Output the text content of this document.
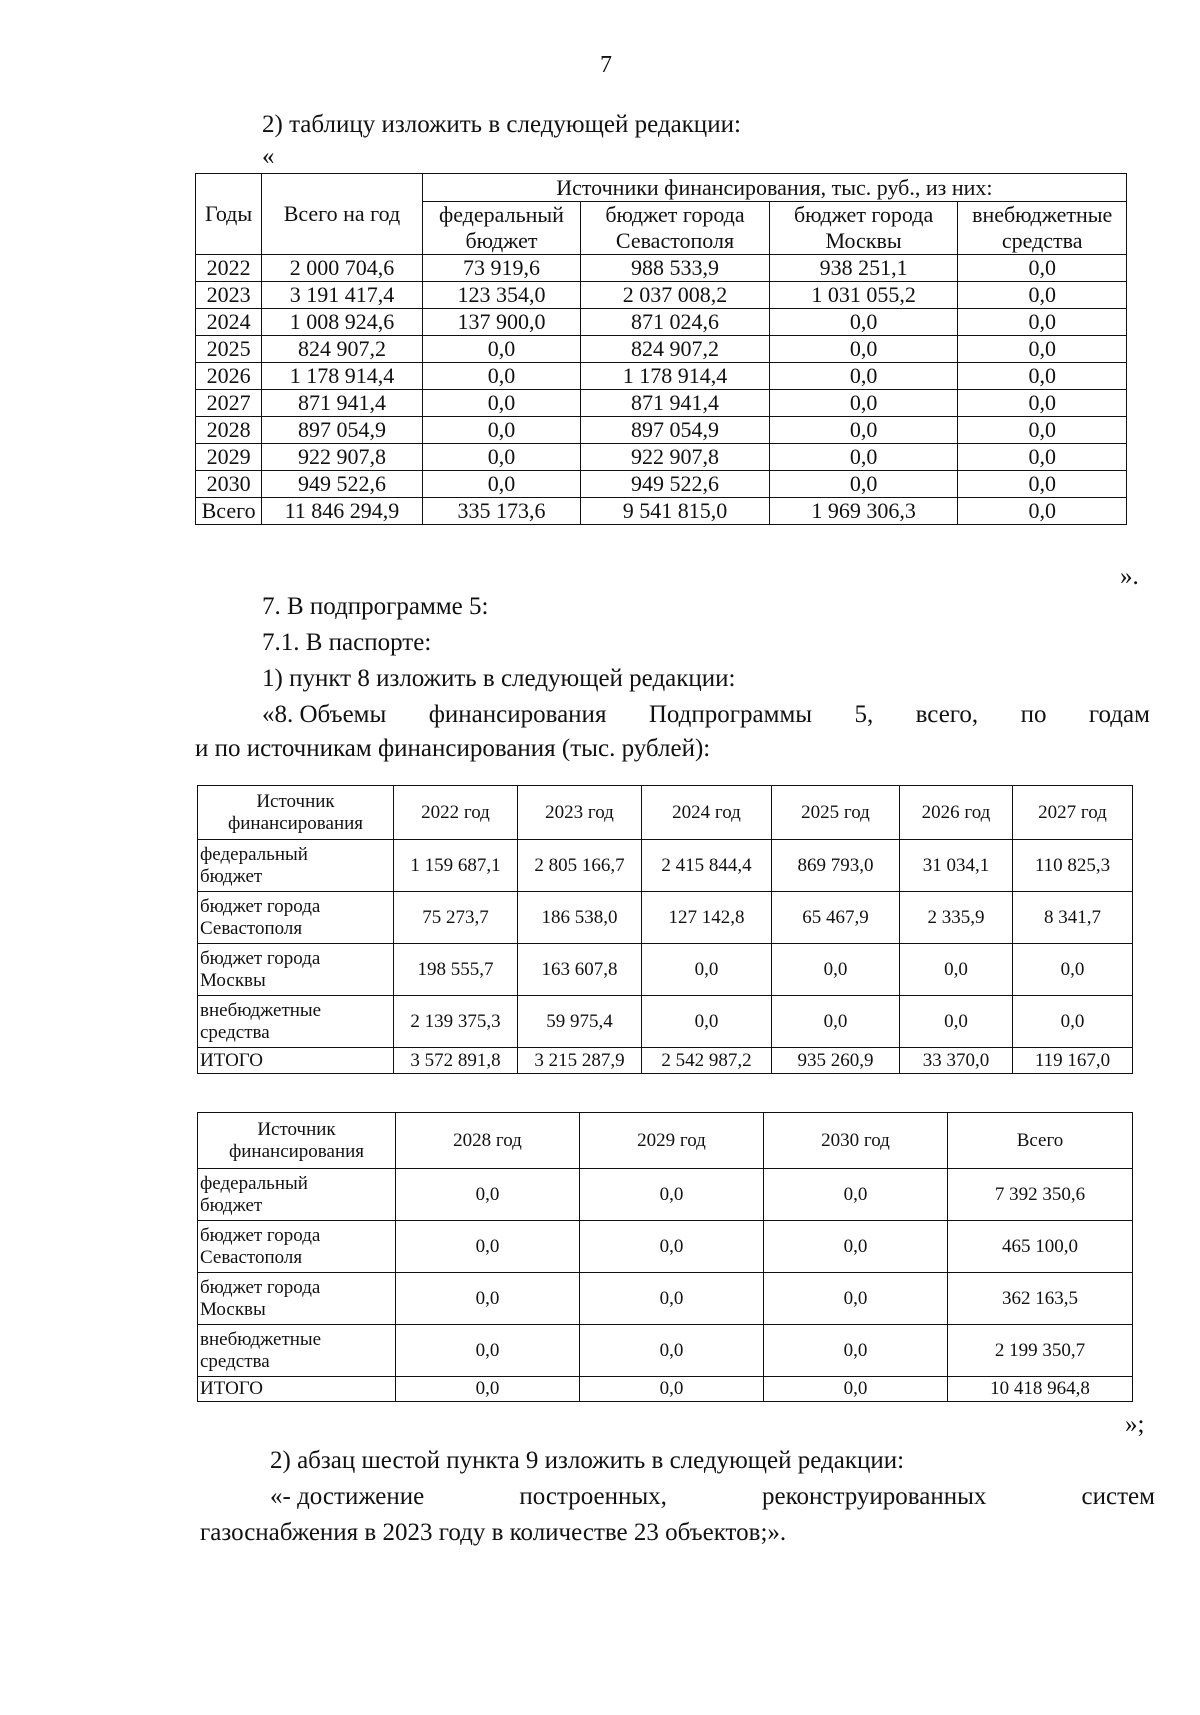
7
2) таблицу изложить в следующей редакции:
«
Годы	Всего на год	Источники финансирования, тыс. руб., из них:			
		федеральный	бюджет города	бюджет города	внебюджетные
		бюджет	Севастополя	Москвы	средства
2022	2 000 704,6	73 919,6	988 533,9	938 251,1	0,0
2023	3 191 417,4	123 354,0	2 037 008,2	1 031 055,2	0,0
2024	1 008 924,6	137 900,0	871 024,6	0,0	0,0
2025	824 907,2	0,0	824 907,2	0,0	0,0
2026	1 178 914,4	0,0	1 178 914,4	0,0	0,0
2027	871 941,4	0,0	871 941,4	0,0	0,0
2028	897 054,9	0,0	897 054,9	0,0	0,0
2029	922 907,8	0,0	922 907,8	0,0	0,0
2030	949 522,6	0,0	949 522,6	0,0	0,0
Всего	11 846 294,9	335 173,6	9 541 815,0	1 969 306,3	0,0
».
7. В подпрограмме 5:
7.1. В паспорте:
1) пункт 8 изложить в следующей редакции:
«8. Объемы финансирования Подпрограммы 5, всего, по годам
и по источникам финансирования (тыс. рублей):
Источник
финансирования	2022 год	2023 год	2024 год	2025 год	2026 год	2027 год

федеральный
бюджет	1 159 687,1	2 805 166,7	2 415 844,4	869 793,0	31 034,1	110 825,3

бюджет города
Севастополя	75 273,7	186 538,0	127 142,8	65 467,9	2 335,9	8 341,7

бюджет города
Москвы	198 555,7	163 607,8	0,0	0,0	0,0	0,0

внебюджетные
средства	2 139 375,3	59 975,4	0,0	0,0	0,0	0,0

ИТОГО	3 572 891,8	3 215 287,9	2 542 987,2	935 260,9	33 370,0	119 167,0
Источник
финансирования	2028 год	2029 год	2030 год	Всего

федеральный
бюджет	0,0	0,0	0,0	7 392 350,6

бюджет города
Севастополя	0,0	0,0	0,0	465 100,0

бюджет города
Москвы	0,0	0,0	0,0	362 163,5

внебюджетные
средства	0,0	0,0	0,0	2 199 350,7

ИТОГО	0,0	0,0	0,0	10 418 964,8
»;
2) абзац шестой пункта 9 изложить в следующей редакции:
«- достижение	построенных,	реконструированных	систем
газоснабжения в 2023 году в количестве 23 объектов;».
